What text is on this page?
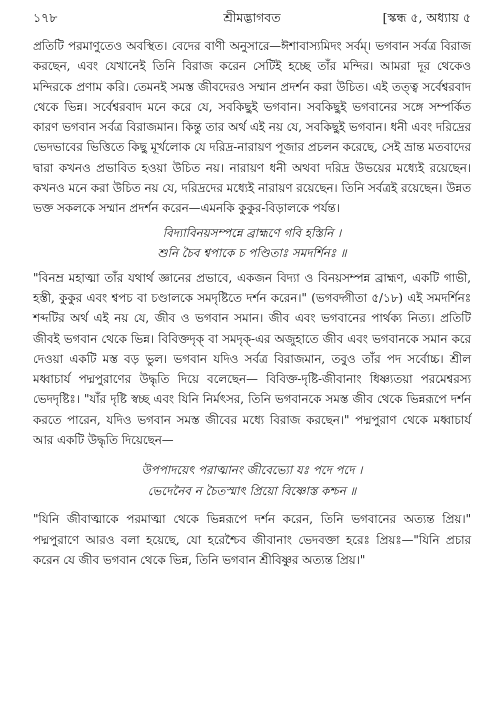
১৭৮	শ্রীমদ্ভাগবত	[স্কন্ধ ৫, অধ্যায় ৫

প্রতিটি পরমাণুতেও অবস্থিত। বেদের বাণী অনুসারে—ঈশাবাস্যমিদং সর্বম্। ভগবান সর্বত্র বিরাজ করছেন, এবং যেখানেই তিনি বিরাজ করেন সেটিই হচ্ছে তাঁর মন্দির। আমরা দূর থেকেও মন্দিরকে প্রণাম করি। তেমনই সমস্ত জীবদেরও সম্মান প্রদর্শন করা উচিত। এই তত্ত্ব সর্বেশ্বরবাদ থেকে ভিন্ন। সর্বেশ্বরবাদ মনে করে যে, সবকিছুই ভগবান। সবকিছুই ভগবানের সঙ্গে সম্পর্কিত কারণ ভগবান সর্বত্র বিরাজমান। কিন্তু তার অর্থ এই নয় যে, সবকিছুই ভগবান। ধনী এবং দরিদ্রের ভেদভাবের ভিত্তিতে কিছু মূর্খলোক যে দরিদ্র-নারায়ণ পূজার প্রচলন করেছে, সেই ভ্রান্ত মতবাদের দ্বারা কখনও প্রভাবিত হওয়া উচিত নয়। নারায়ণ ধনী অথবা দরিদ্র উভয়ের মধ্যেই রয়েছেন। কখনও মনে করা উচিত নয় যে, দরিদ্রদের মধ্যেই নারায়ণ রয়েছেন। তিনি সর্বত্রই রয়েছেন। উন্নত ভক্ত সকলকে সম্মান প্রদর্শন করেন—এমনকি কুকুর-বিড়ালকে পর্যন্ত।

বিদ্যাবিনয়সম্পন্নে ব্রাহ্মণে গবি হস্তিনি ।
শুনি চৈব শ্বপাকে চ পণ্ডিতাঃ সমদর্শিনঃ ॥

"বিনম্র মহাত্মা তাঁর যথার্থ জ্ঞানের প্রভাবে, একজন বিদ্যা ও বিনয়সম্পন্ন ব্রাহ্মণ, একটি গাভী, হস্তী, কুকুর এবং শ্বপচ বা চণ্ডালকে সমদৃষ্টিতে দর্শন করেন।" (ভগবদ্গীতা ৫/১৮) এই সমদর্শিনঃ শব্দটির অর্থ এই নয় যে, জীব ও ভগবান সমান। জীব এবং ভগবানের পার্থক্য নিত্য। প্রতিটি জীবই ভগবান থেকে ভিন্ন। বিবিক্তদৃক্ বা সমদৃক্-এর অজুহাতে জীব এবং ভগবানকে সমান করে দেওয়া একটি মস্ত বড় ভুল। ভগবান যদিও সর্বত্র বিরাজমান, তবুও তাঁর পদ সর্বোচ্চ। শ্রীল মধ্বাচার্য পদ্মপুরাণের উদ্ধৃতি দিয়ে বলেছেন— বিবিক্ত-দৃষ্টি-জীবানাং ধিষ্ণ্যতয়া পরমেশ্বরস্য ভেদদৃষ্টিঃ। "যাঁর দৃষ্টি স্বচ্ছ এবং যিনি নির্মৎসর, তিনি ভগবানকে সমস্ত জীব থেকে ভিন্নরূপে দর্শন করতে পারেন, যদিও ভগবান সমস্ত জীবের মধ্যে বিরাজ করছেন।" পদ্মপুরাণ থেকে মধ্বাচার্য আর একটি উদ্ধৃতি দিয়েছেন—

উপপাদয়েৎ পরাত্মানং জীবেভ্যো যঃ পদে পদে ।
ভেদেনৈব ন চৈতস্মাৎ প্রিয়ো বিষ্ণোস্ত কশ্চন ॥

"যিনি জীবাত্মাকে পরমাত্মা থেকে ভিন্নরূপে দর্শন করেন, তিনি ভগবানের অত্যন্ত প্রিয়।" পদ্মপুরাণে আরও বলা হয়েছে, যো হরেশ্চৈব জীবানাং ভেদবক্তা হরেঃ প্রিয়ঃ—"যিনি প্রচার করেন যে জীব ভগবান থেকে ভিন্ন, তিনি ভগবান শ্রীবিষ্ণুর অত্যন্ত প্রিয়।"
